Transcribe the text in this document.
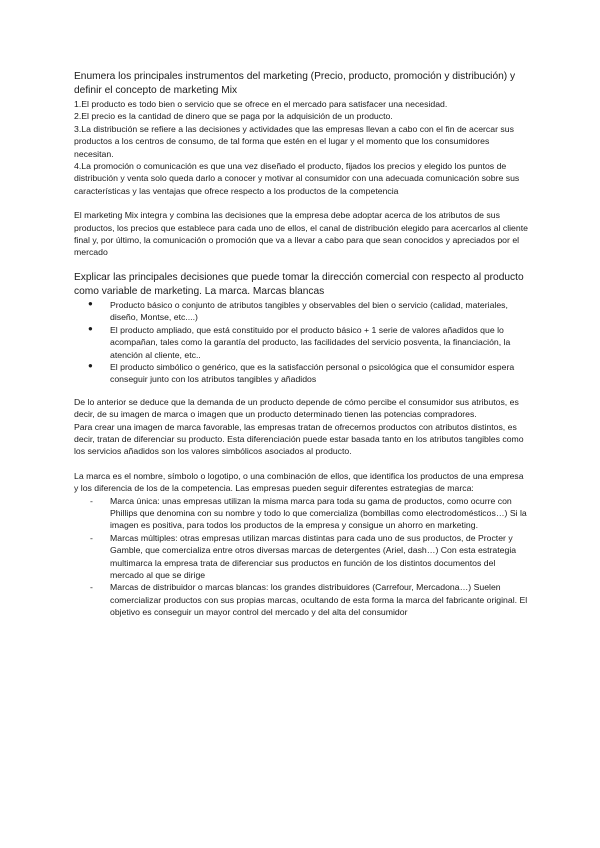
Enumera los principales instrumentos del marketing (Precio, producto, promoción y distribución) y definir el concepto de marketing Mix

1.El producto es todo bien o servicio que se ofrece en el mercado para satisfacer una necesidad.

2.El precio es la cantidad de dinero que se paga por la adquisición de un producto.

3.La distribución se refiere a las decisiones y actividades que las empresas llevan a cabo con el fin de acercar sus productos a los centros de consumo, de tal forma que estén en el lugar y el momento que los consumidores necesitan.

4.La promoción o comunicación es que una vez diseñado el producto, fijados los precios y elegido los puntos de distribución y venta solo queda darlo a conocer y motivar al consumidor con una adecuada comunicación sobre sus características y las ventajas que ofrece respecto a los productos de la competencia

El marketing Mix integra y combina las decisiones que la empresa debe adoptar acerca de los atributos de sus productos, los precios que establece para cada uno de ellos, el canal de distribución elegido para acercarlos al cliente final y, por último, la comunicación o promoción que va a llevar a cabo para que sean conocidos y apreciados por el mercado

Explicar las principales decisiones que puede tomar la dirección comercial con respecto al producto como variable de marketing. La marca. Marcas blancas

● Producto básico o conjunto de atributos tangibles y observables del bien o servicio (calidad, materiales, diseño, Montse, etc....)

● El producto ampliado, que está constituido por el producto básico + 1 serie de valores añadidos que lo acompañan, tales como la garantía del producto, las facilidades del servicio posventa, la financiación, la atención al cliente, etc..

● El producto simbólico o genérico, que es la satisfacción personal o psicológica que el consumidor espera conseguir junto con los atributos tangibles y añadidos

De lo anterior se deduce que la demanda de un producto depende de cómo percibe el consumidor sus atributos, es decir, de su imagen de marca o imagen que un producto determinado tienen las potencias compradores.

Para crear una imagen de marca favorable, las empresas tratan de ofrecernos productos con atributos distintos, es decir, tratan de diferenciar su producto. Esta diferenciación puede estar basada tanto en los atributos tangibles como los servicios añadidos son los valores simbólicos asociados al producto.

La marca es el nombre, símbolo o logotipo, o una combinación de ellos, que identifica los productos de una empresa y los diferencia de los de la competencia. Las empresas pueden seguir diferentes estrategias de marca:

- Marca única: unas empresas utilizan la misma marca para toda su gama de productos, como ocurre con Phillips que denomina con su nombre y todo lo que comercializa (bombillas como electrodomésticos…) Si la imagen es positiva, para todos los productos de la empresa y consigue un ahorro en marketing.

- Marcas múltiples: otras empresas utilizan marcas distintas para cada uno de sus productos, de Procter y Gamble, que comercializa entre otros diversas marcas de detergentes (Ariel, dash…) Con esta estrategia multimarca la empresa trata de diferenciar sus productos en función de los distintos documentos del mercado al que se dirige

- Marcas de distribuidor o marcas blancas: los grandes distribuidores (Carrefour, Mercadona…) Suelen comercializar productos con sus propias marcas, ocultando de esta forma la marca del fabricante original. El objetivo es conseguir un mayor control del mercado y del alta del consumidor
